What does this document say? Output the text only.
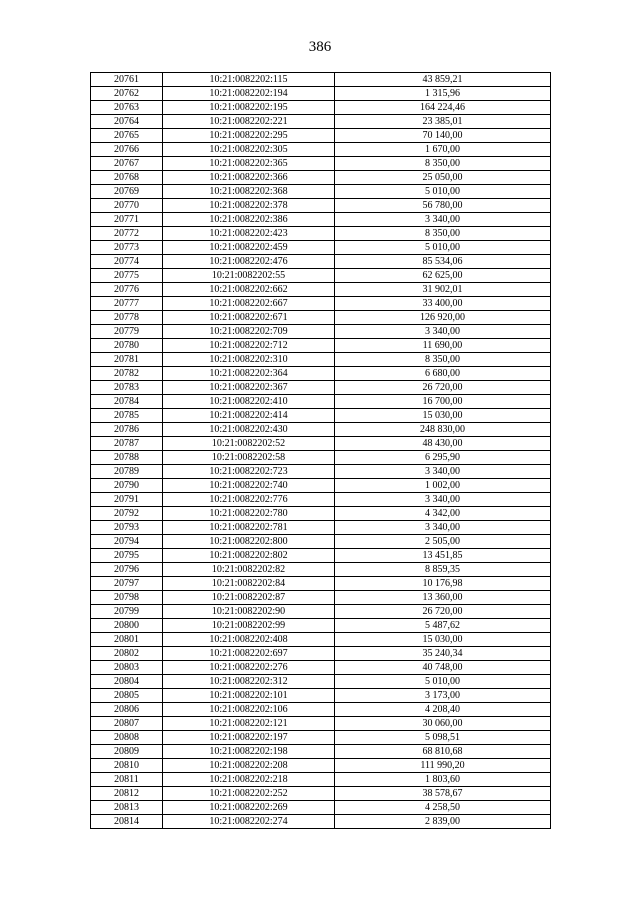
386
20761	10:21:0082202:115	43 859,21
20762	10:21:0082202:194	1 315,96
20763	10:21:0082202:195	164 224,46
20764	10:21:0082202:221	23 385,01
20765	10:21:0082202:295	70 140,00
20766	10:21:0082202:305	1 670,00
20767	10:21:0082202:365	8 350,00
20768	10:21:0082202:366	25 050,00
20769	10:21:0082202:368	5 010,00
20770	10:21:0082202:378	56 780,00
20771	10:21:0082202:386	3 340,00
20772	10:21:0082202:423	8 350,00
20773	10:21:0082202:459	5 010,00
20774	10:21:0082202:476	85 534,06
20775	10:21:0082202:55	62 625,00
20776	10:21:0082202:662	31 902,01
20777	10:21:0082202:667	33 400,00
20778	10:21:0082202:671	126 920,00
20779	10:21:0082202:709	3 340,00
20780	10:21:0082202:712	11 690,00
20781	10:21:0082202:310	8 350,00
20782	10:21:0082202:364	6 680,00
20783	10:21:0082202:367	26 720,00
20784	10:21:0082202:410	16 700,00
20785	10:21:0082202:414	15 030,00
20786	10:21:0082202:430	248 830,00
20787	10:21:0082202:52	48 430,00
20788	10:21:0082202:58	6 295,90
20789	10:21:0082202:723	3 340,00
20790	10:21:0082202:740	1 002,00
20791	10:21:0082202:776	3 340,00
20792	10:21:0082202:780	4 342,00
20793	10:21:0082202:781	3 340,00
20794	10:21:0082202:800	2 505,00
20795	10:21:0082202:802	13 451,85
20796	10:21:0082202:82	8 859,35
20797	10:21:0082202:84	10 176,98
20798	10:21:0082202:87	13 360,00
20799	10:21:0082202:90	26 720,00
20800	10:21:0082202:99	5 487,62
20801	10:21:0082202:408	15 030,00
20802	10:21:0082202:697	35 240,34
20803	10:21:0082202:276	40 748,00
20804	10:21:0082202:312	5 010,00
20805	10:21:0082202:101	3 173,00
20806	10:21:0082202:106	4 208,40
20807	10:21:0082202:121	30 060,00
20808	10:21:0082202:197	5 098,51
20809	10:21:0082202:198	68 810,68
20810	10:21:0082202:208	111 990,20
20811	10:21:0082202:218	1 803,60
20812	10:21:0082202:252	38 578,67
20813	10:21:0082202:269	4 258,50
20814	10:21:0082202:274	2 839,00
